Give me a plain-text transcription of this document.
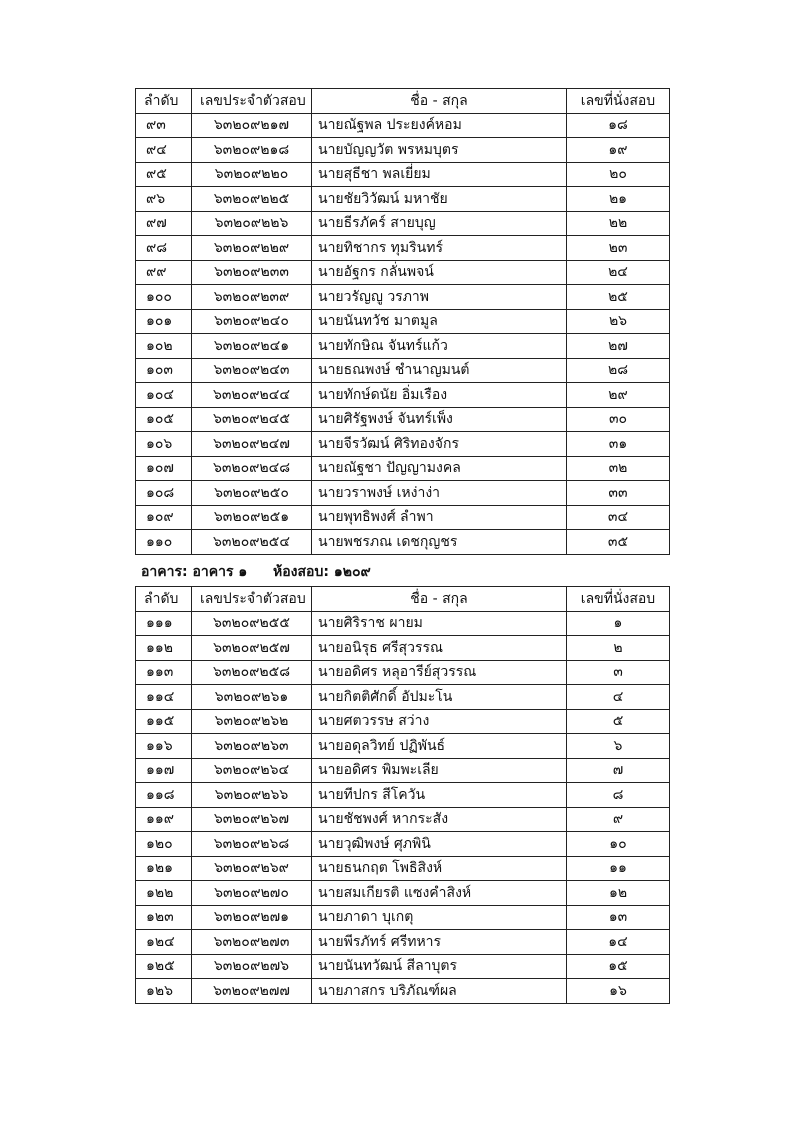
ลำดับ	เลขประจำตัวสอบ	ชื่อ - สกุล	เลขที่นั่งสอบ
๙๓	๖๓๒๐๙๒๑๗	นายณัฐพล ประยงค์หอม	๑๘
๙๔	๖๓๒๐๙๒๑๘	นายบัญญวัต พรหมบุตร	๑๙
๙๕	๖๓๒๐๙๒๒๐	นายสุธีชา พลเยี่ยม	๒๐
๙๖	๖๓๒๐๙๒๒๕	นายชัยวิวัฒน์ มหาชัย	๒๑
๙๗	๖๓๒๐๙๒๒๖	นายธีรภัคร์ สายบุญ	๒๒
๙๘	๖๓๒๐๙๒๒๙	นายทิชากร ทุมรินทร์	๒๓
๙๙	๖๓๒๐๙๒๓๓	นายอัฐกร กลั่นพจน์	๒๔
๑๐๐	๖๓๒๐๙๒๓๙	นายวรัญญู วรภาพ	๒๕
๑๐๑	๖๓๒๐๙๒๔๐	นายนันทวัช มาตมูล	๒๖
๑๐๒	๖๓๒๐๙๒๔๑	นายทักษิณ จันทร์แก้ว	๒๗
๑๐๓	๖๓๒๐๙๒๔๓	นายธณพงษ์ ชำนาญมนต์	๒๘
๑๐๔	๖๓๒๐๙๒๔๔	นายทักษ์ดนัย อิ่มเรือง	๒๙
๑๐๕	๖๓๒๐๙๒๔๕	นายศิรัฐพงษ์ จันทร์เพ็ง	๓๐
๑๐๖	๖๓๒๐๙๒๔๗	นายจีรวัฒน์ ศิริทองจักร	๓๑
๑๐๗	๖๓๒๐๙๒๔๘	นายณัฐชา ปัญญามงคล	๓๒
๑๐๘	๖๓๒๐๙๒๕๐	นายวราพงษ์ เหง่าง่า	๓๓
๑๐๙	๖๓๒๐๙๒๕๑	นายพุทธิพงศ์ ลำพา	๓๔
๑๑๐	๖๓๒๐๙๒๕๔	นายพชรภณ เดชกุญชร	๓๕
อาคาร: อาคาร ๑ ห้องสอบ: ๑๒๐๙
ลำดับ	เลขประจำตัวสอบ	ชื่อ - สกุล	เลขที่นั่งสอบ
๑๑๑	๖๓๒๐๙๒๕๕	นายศิริราช ผายม	๑
๑๑๒	๖๓๒๐๙๒๕๗	นายอนิรุธ ศรีสุวรรณ	๒
๑๑๓	๖๓๒๐๙๒๕๘	นายอดิศร หลุอารีย์สุวรรณ	๓
๑๑๔	๖๓๒๐๙๒๖๑	นายกิตติศักดิ์ อัปมะโน	๔
๑๑๕	๖๓๒๐๙๒๖๒	นายศตวรรษ สว่าง	๕
๑๑๖	๖๓๒๐๙๒๖๓	นายอดุลวิทย์ ปฏิพันธ์	๖
๑๑๗	๖๓๒๐๙๒๖๔	นายอดิศร พิมพะเลีย	๗
๑๑๘	๖๓๒๐๙๒๖๖	นายทีปกร สีโควัน	๘
๑๑๙	๖๓๒๐๙๒๖๗	นายชัชพงศ์ หากระสัง	๙
๑๒๐	๖๓๒๐๙๒๖๘	นายวุฒิพงษ์ ศุภพินิ	๑๐
๑๒๑	๖๓๒๐๙๒๖๙	นายธนกฤต โพธิสิงห์	๑๑
๑๒๒	๖๓๒๐๙๒๗๐	นายสมเกียรติ แซงคำสิงห์	๑๒
๑๒๓	๖๓๒๐๙๒๗๑	นายภาดา บุเกตุ	๑๓
๑๒๔	๖๓๒๐๙๒๗๓	นายพีรภัทร์ ศรีทหาร	๑๔
๑๒๕	๖๓๒๐๙๒๗๖	นายนันทวัฒน์ สีลาบุตร	๑๕
๑๒๖	๖๓๒๐๙๒๗๗	นายภาสกร บริภัณฑ์ผล	๑๖
